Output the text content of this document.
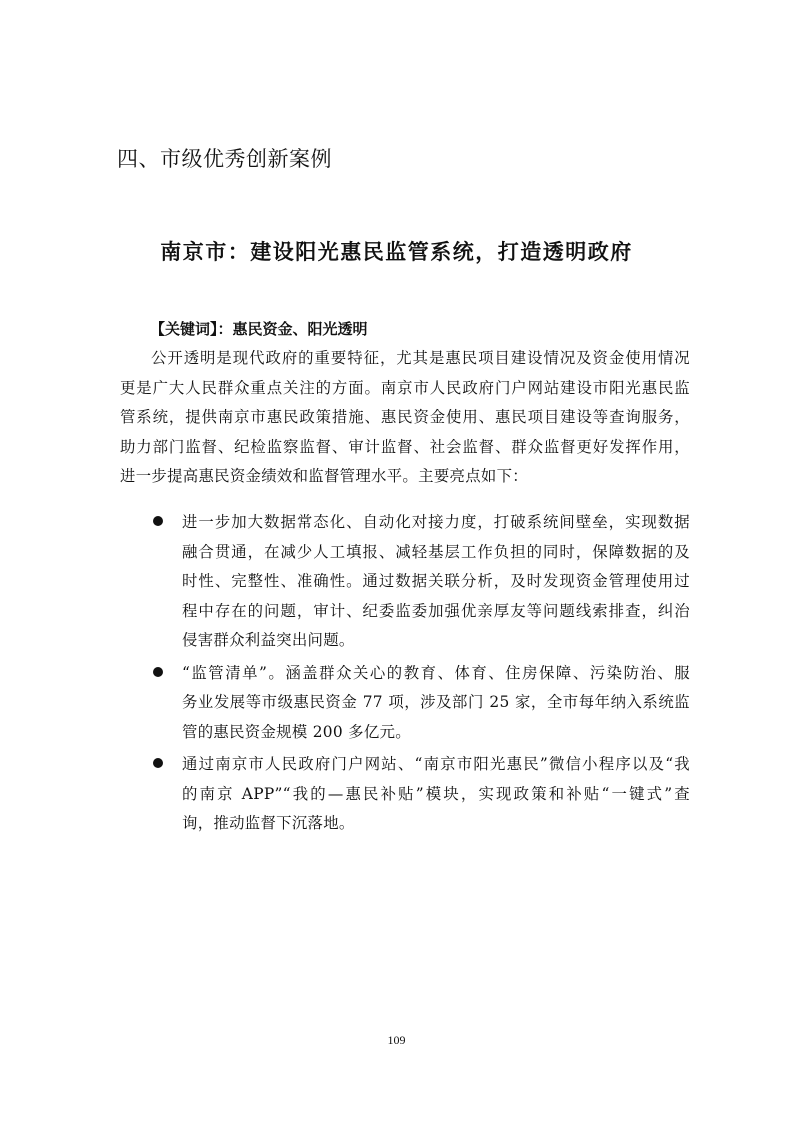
四、市级优秀创新案例
南京市：建设阳光惠民监管系统，打造透明政府
【关键词】：惠民资金、阳光透明

公开透明是现代政府的重要特征，尤其是惠民项目建设情况及资金使用情况
更是广大人民群众重点关注的方面。南京市人民政府门户网站建设市阳光惠民监
管系统，提供南京市惠民政策措施、惠民资金使用、惠民项目建设等查询服务，
助力部门监督、纪检监察监督、审计监督、社会监督、群众监督更好发挥作用，
进一步提高惠民资金绩效和监督管理水平。主要亮点如下：

进一步加大数据常态化、自动化对接力度，打破系统间壁垒，实现数据
融合贯通，在减少人工填报、减轻基层工作负担的同时，保障数据的及
时性、完整性、准确性。通过数据关联分析，及时发现资金管理使用过
程中存在的问题，审计、纪委监委加强优亲厚友等问题线索排查，纠治
侵害群众利益突出问题。
“监管清单”。涵盖群众关心的教育、体育、住房保障、污染防治、服
务业发展等市级惠民资金 77 项，涉及部门 25 家，全市每年纳入系统监
管的惠民资金规模 200 多亿元。
通过南京市人民政府门户网站、“南京市阳光惠民”微信小程序以及“我
的南京 APP”“我的—惠民补贴”模块，实现政策和补贴“一键式”查
询，推动监督下沉落地。
109
